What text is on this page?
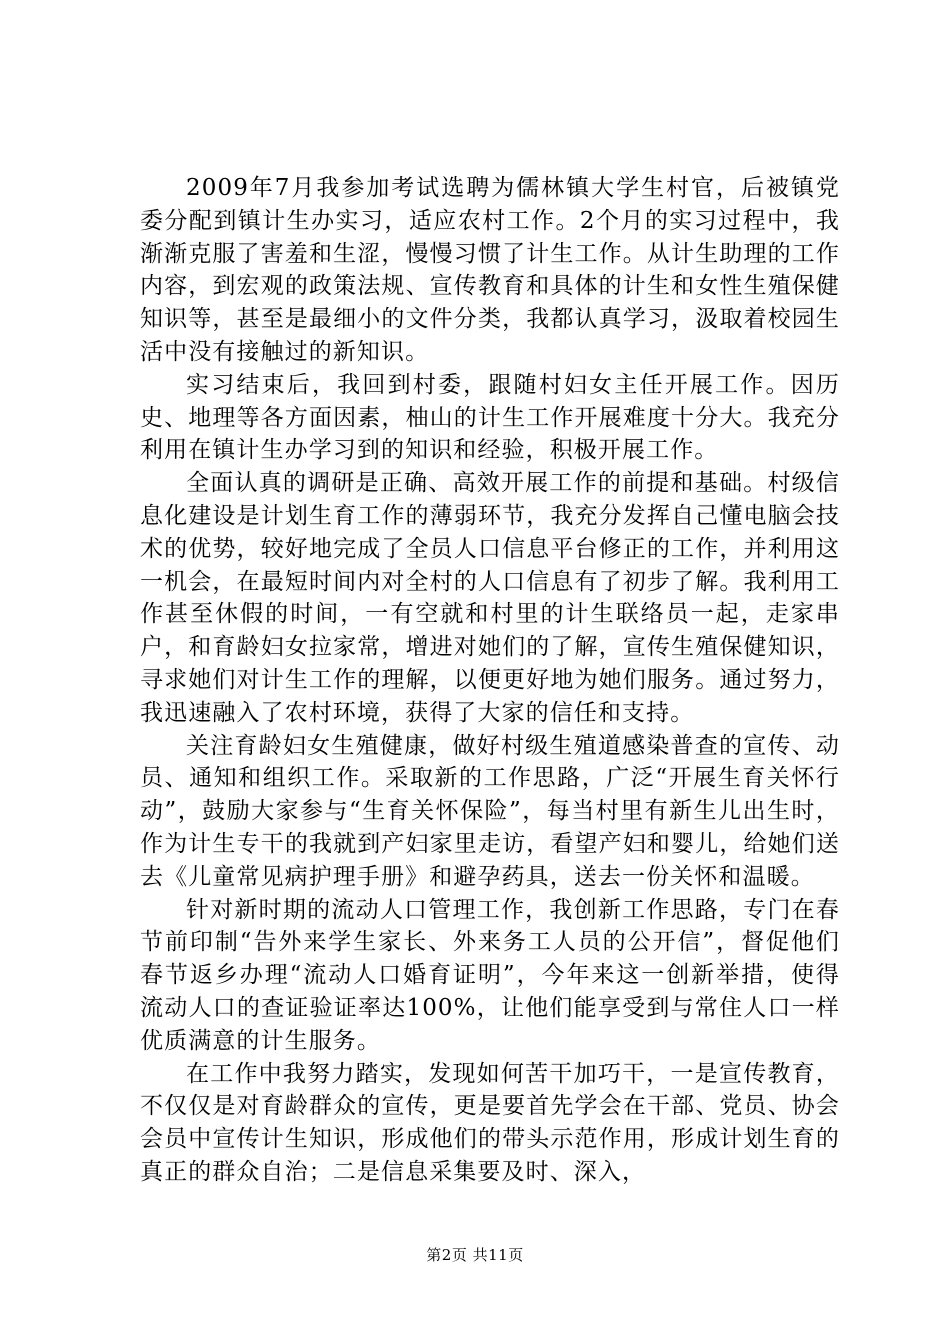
2009年7月我参加考试选聘为儒林镇大学生村官，后被镇党委分配到镇计生办实习，适应农村工作。2个月的实习过程中，我渐渐克服了害羞和生涩，慢慢习惯了计生工作。从计生助理的工作内容，到宏观的政策法规、宣传教育和具体的计生和女性生殖保健知识等，甚至是最细小的文件分类，我都认真学习，汲取着校园生活中没有接触过的新知识。

实习结束后，我回到村委，跟随村妇女主任开展工作。因历史、地理等各方面因素，柚山的计生工作开展难度十分大。我充分利用在镇计生办学习到的知识和经验，积极开展工作。

全面认真的调研是正确、高效开展工作的前提和基础。村级信息化建设是计划生育工作的薄弱环节，我充分发挥自己懂电脑会技术的优势，较好地完成了全员人口信息平台修正的工作，并利用这一机会，在最短时间内对全村的人口信息有了初步了解。我利用工作甚至休假的时间，一有空就和村里的计生联络员一起，走家串户，和育龄妇女拉家常，增进对她们的了解，宣传生殖保健知识，寻求她们对计生工作的理解，以便更好地为她们服务。通过努力，我迅速融入了农村环境，获得了大家的信任和支持。

关注育龄妇女生殖健康，做好村级生殖道感染普查的宣传、动员、通知和组织工作。采取新的工作思路，广泛“开展生育关怀行动”，鼓励大家参与“生育关怀保险”，每当村里有新生儿出生时，作为计生专干的我就到产妇家里走访，看望产妇和婴儿，给她们送去《儿童常见病护理手册》和避孕药具，送去一份关怀和温暖。

针对新时期的流动人口管理工作，我创新工作思路，专门在春节前印制“告外来学生家长、外来务工人员的公开信”，督促他们春节返乡办理“流动人口婚育证明”，今年来这一创新举措，使得流动人口的查证验证率达100%，让他们能享受到与常住人口一样优质满意的计生服务。

在工作中我努力踏实，发现如何苦干加巧干，一是宣传教育，不仅仅是对育龄群众的宣传，更是要首先学会在干部、党员、协会会员中宣传计生知识，形成他们的带头示范作用，形成计划生育的真正的群众自治；二是信息采集要及时、深入，

第2页 共11页
